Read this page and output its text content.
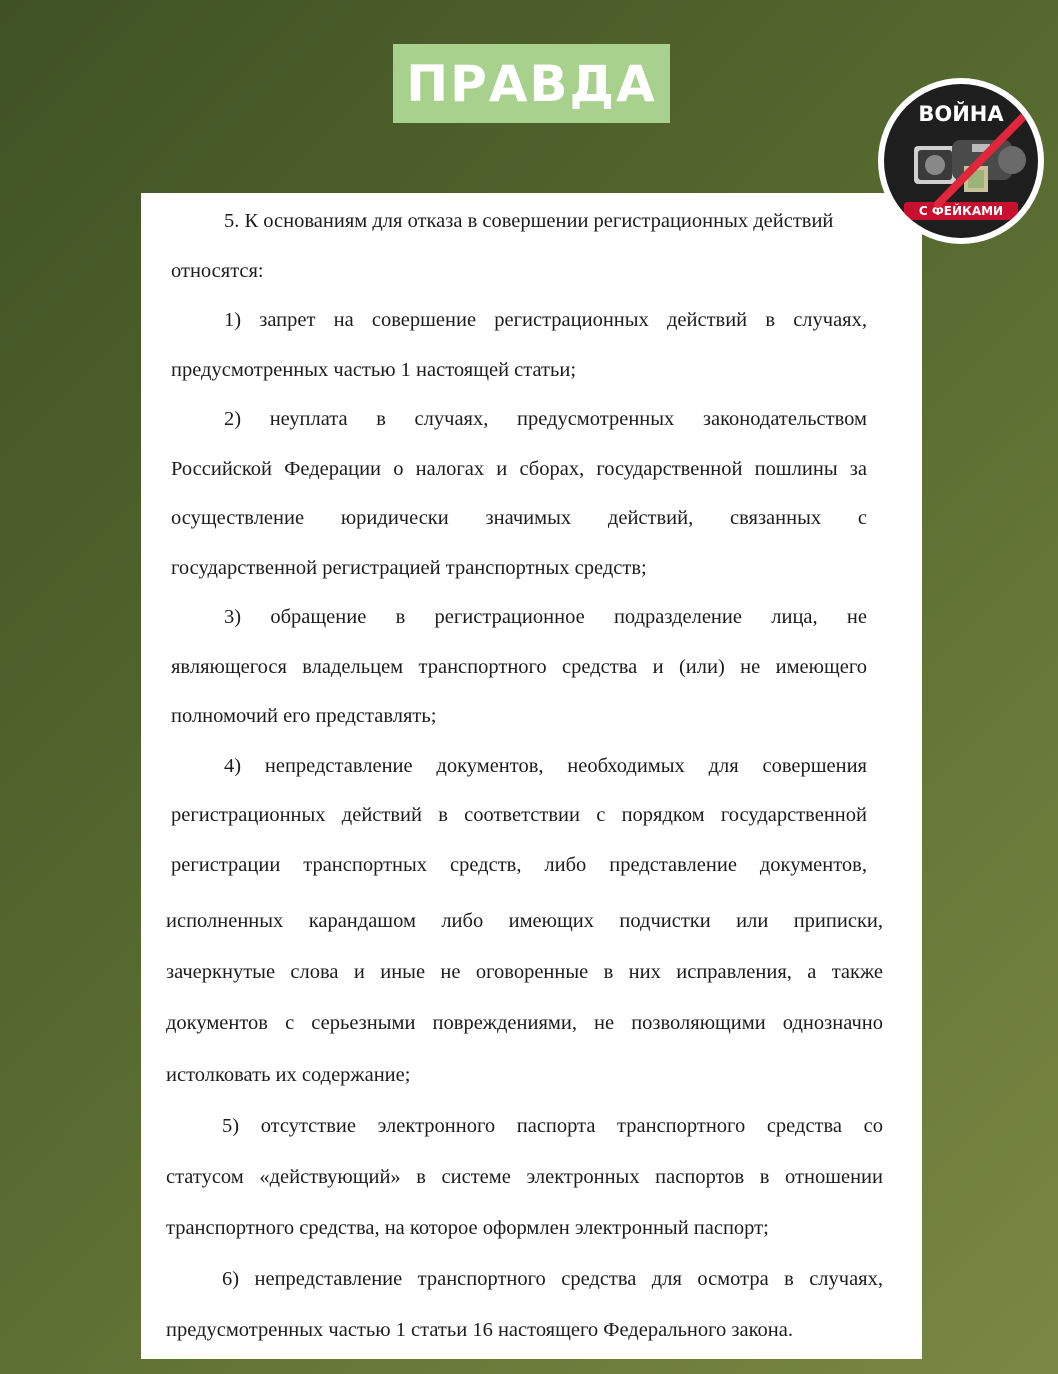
ПРАВДА
ВОЙНА
С ФЕЙКАМИ
5. К основаниям для отказа в совершении регистрационных действий
относятся:
1) запрет на совершение регистрационных действий в случаях,
предусмотренных частью 1 настоящей статьи;
2) неуплата в случаях, предусмотренных законодательством
Российской Федерации о налогах и сборах, государственной пошлины за
осуществление юридически значимых действий, связанных с
государственной регистрацией транспортных средств;
3) обращение в регистрационное подразделение лица, не
являющегося владельцем транспортного средства и (или) не имеющего
полномочий его представлять;
4) непредставление документов, необходимых для совершения
регистрационных действий в соответствии с порядком государственной
регистрации транспортных средств, либо представление документов,
исполненных карандашом либо имеющих подчистки или приписки,
зачеркнутые слова и иные не оговоренные в них исправления, а также
документов с серьезными повреждениями, не позволяющими однозначно
истолковать их содержание;
5) отсутствие электронного паспорта транспортного средства со
статусом «действующий» в системе электронных паспортов в отношении
транспортного средства, на которое оформлен электронный паспорт;
6) непредставление транспортного средства для осмотра в случаях,
предусмотренных частью 1 статьи 16 настоящего Федерального закона.
